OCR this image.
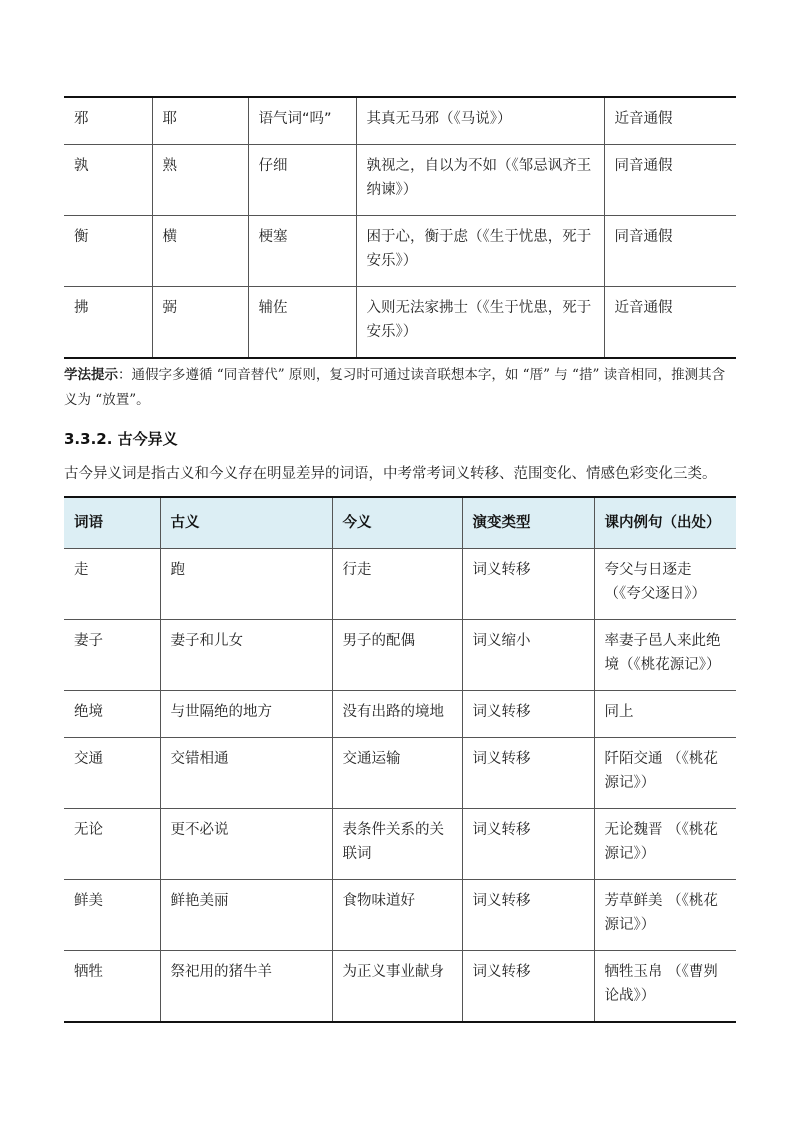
邪	耶	语气词“吗”	其真无马邪（《马说》）	近音通假
孰	熟	仔细	孰视之，自以为不如（《邹忌讽齐王纳谏》）	同音通假
衡	横	梗塞	困于心，衡于虑（《生于忧患，死于安乐》）	同音通假
拂	弼	辅佐	入则无法家拂士（《生于忧患，死于安乐》）	近音通假
学法提示：通假字多遵循 “同音替代” 原则，复习时可通过读音联想本字，如 “厝” 与 “措” 读音相同，推测其含义为 “放置”。
3.3.2. 古今异义
古今异义词是指古义和今义存在明显差异的词语，中考常考词义转移、范围变化、情感色彩变化三类。
词语	古义	今义	演变类型	课内例句（出处）
走	跑	行走	词义转移	夸父与日逐走（《夸父逐日》）
妻子	妻子和儿女	男子的配偶	词义缩小	率妻子邑人来此绝境（《桃花源记》）
绝境	与世隔绝的地方	没有出路的境地	词义转移	同上
交通	交错相通	交通运输	词义转移	阡陌交通 （《桃花源记》）
无论	更不必说	表条件关系的关联词	词义转移	无论魏晋 （《桃花源记》）
鲜美	鲜艳美丽	食物味道好	词义转移	芳草鲜美 （《桃花源记》）
牺牲	祭祀用的猪牛羊	为正义事业献身	词义转移	牺牲玉帛 （《曹刿论战》）
